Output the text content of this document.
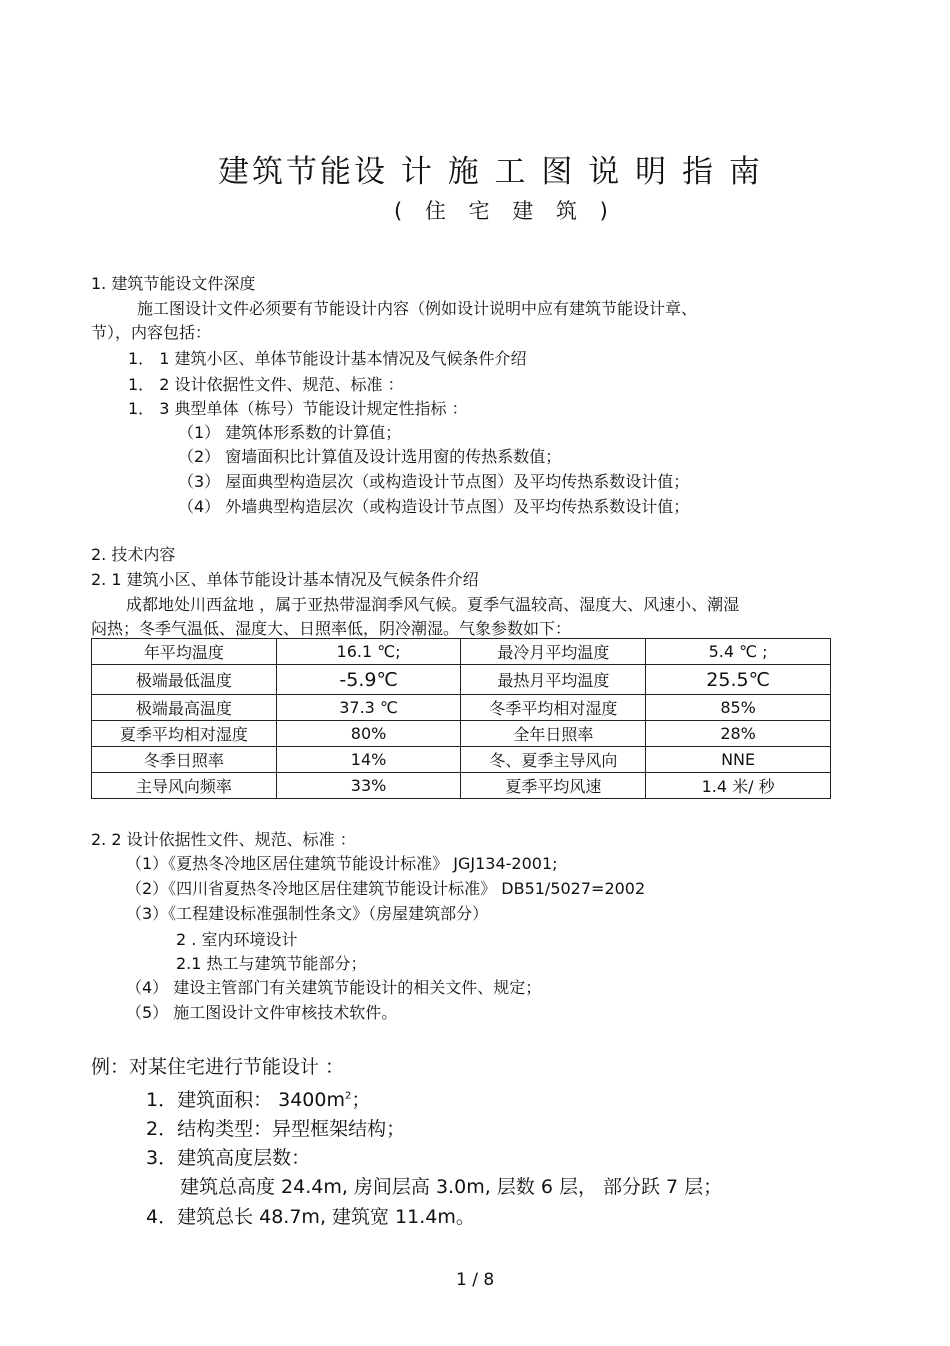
建筑节能设 计 施 工 图 说 明 指 南
( 住 宅 建 筑 )
1. 建筑节能设文件深度
施工图设计文件必须要有节能设计内容（例如设计说明中应有建筑节能设计章、
节），内容包括：
1． 1 建筑小区、单体节能设计基本情况及气候条件介绍
1． 2 设计依据性文件、规范、标准 ：
1． 3 典型单体（栋号）节能设计规定性指标 ：
（1） 建筑体形系数的计算值；
（2） 窗墙面积比计算值及设计选用窗的传热系数值；
（3） 屋面典型构造层次（或构造设计节点图）及平均传热系数设计值；
（4） 外墙典型构造层次（或构造设计节点图）及平均传热系数设计值；
2. 技术内容
2. 1 建筑小区、单体节能设计基本情况及气候条件介绍
成都地处川西盆地 ，属于亚热带湿润季风气候。夏季气温较高、湿度大、风速小、潮湿
闷热；冬季气温低、湿度大、日照率低，阴冷潮湿。气象参数如下：
年平均温度	16.1 ℃;	最冷月平均温度	5.4 ℃ ;
极端最低温度	-5.9℃	最热月平均温度	25.5℃
极端最高温度	37.3 ℃	冬季平均相对湿度	85%
夏季平均相对湿度	80%	全年日照率	28%
冬季日照率	14%	冬、夏季主导风向	NNE
主导风向频率	33%	夏季平均风速	1.4 米/ 秒
2. 2 设计依据性文件、规范、标准 ：
（1）《夏热冬冷地区居住建筑节能设计标准》 JGJ134-2001;
（2）《四川省夏热冬冷地区居住建筑节能设计标准》 DB51/5027=2002
（3）《工程建设标准强制性条文》（房屋建筑部分）
2 . 室内环境设计
2.1 热工与建筑节能部分；
（4） 建设主管部门有关建筑节能设计的相关文件、规定；
（5） 施工图设计文件审核技术软件。
例：对某住宅进行节能设计 ：
1．建筑面积： $3400m^2$；
2．结构类型：异型框架结构；
3．建筑高度层数：
建筑总高度 24.4m, 房间层高 3.0m, 层数 6 层， 部分跃 7 层；
4．建筑总长 48.7m, 建筑宽 11.4m。
1 / 8
